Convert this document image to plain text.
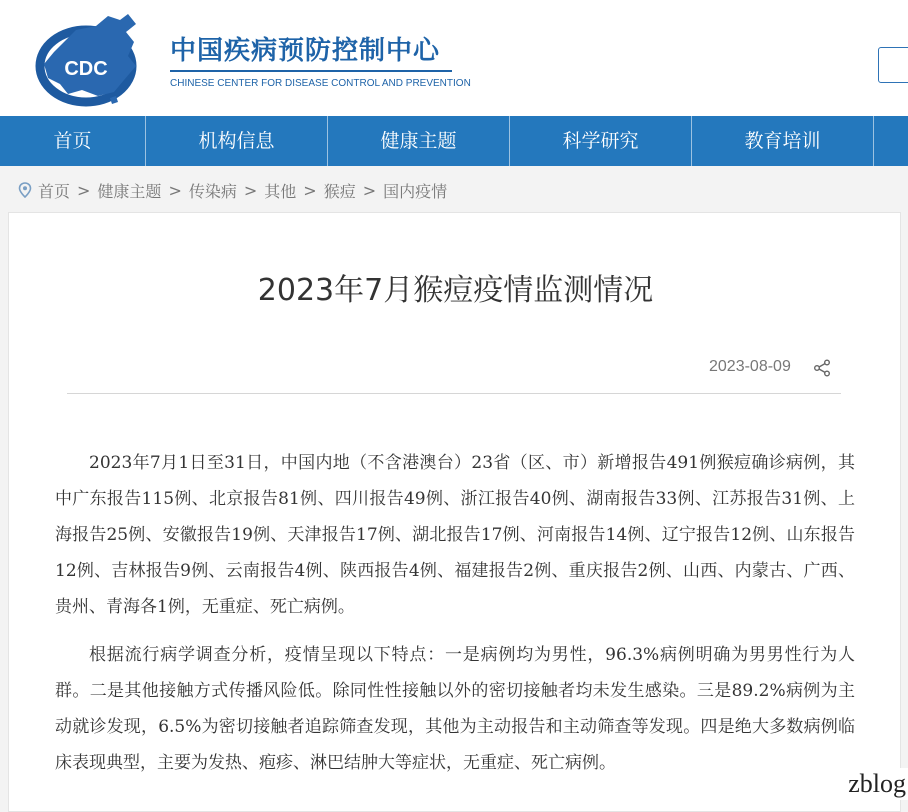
CDC
中国疾病预防控制中心

CHINESE CENTER FOR DISEASE CONTROL AND PREVENTION

首页	机构信息	健康主题	科学研究	教育培训
首页 > 健康主题 > 传染病 > 其他 > 猴痘 > 国内疫情
2023年7月猴痘疫情监测情况
2023-08-09

2023年7月1日至31日，中国内地（不含港澳台）23省（区、市）新增报告491例猴痘确诊病例，其中广东报告115例、北京报告81例、四川报告49例、浙江报告40例、湖南报告33例、江苏报告31例、上海报告25例、安徽报告19例、天津报告17例、湖北报告17例、河南报告14例、辽宁报告12例、山东报告12例、吉林报告9例、云南报告4例、陕西报告4例、福建报告2例、重庆报告2例、山西、内蒙古、广西、贵州、青海各1例，无重症、死亡病例。

根据流行病学调查分析，疫情呈现以下特点：一是病例均为男性，96.3%病例明确为男男性行为人群。二是其他接触方式传播风险低。除同性性接触以外的密切接触者均未发生感染。三是89.2%病例为主动就诊发现，6.5%为密切接触者追踪筛查发现，其他为主动报告和主动筛查等发现。四是绝大多数病例临床表现典型，主要为发热、疱疹、淋巴结肿大等症状，无重症、死亡病例。

zblog
